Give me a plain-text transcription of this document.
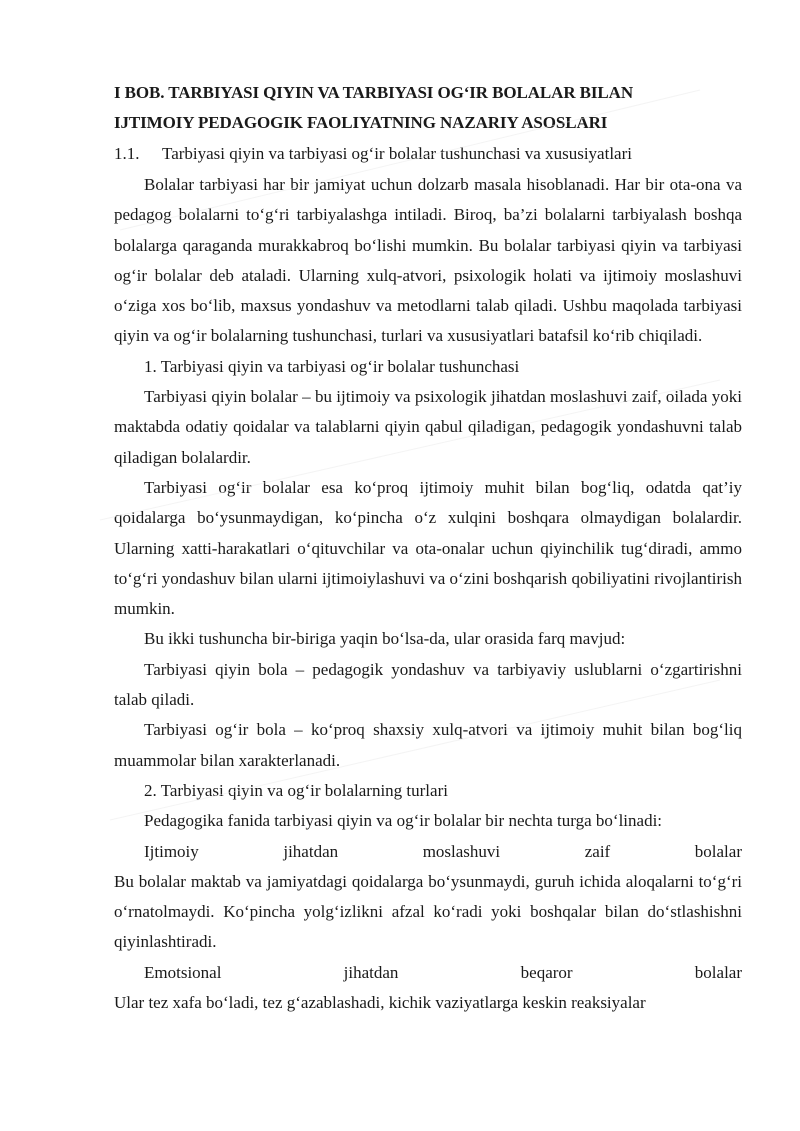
I BOB. TARBIYASI QIYIN VA TARBIYASI OG‘IR BOLALAR BILAN
IJTIMOIY PEDAGOGIK FAOLIYATNING NAZARIY ASOSLARI
1.1.	Tarbiyasi qiyin va tarbiyasi og‘ir bolalar tushunchasi va xususiyatlari

Bolalar tarbiyasi har bir jamiyat uchun dolzarb masala hisoblanadi. Har bir ota-ona va pedagog bolalarni to‘g‘ri tarbiyalashga intiladi. Biroq, ba’zi bolalarni tarbiyalash boshqa bolalarga qaraganda murakkabroq bo‘lishi mumkin. Bu bolalar tarbiyasi qiyin va tarbiyasi og‘ir bolalar deb ataladi. Ularning xulq-atvori, psixologik holati va ijtimoiy moslashuvi o‘ziga xos bo‘lib, maxsus yondashuv va metodlarni talab qiladi. Ushbu maqolada tarbiyasi qiyin va og‘ir bolalarning tushunchasi, turlari va xususiyatlari batafsil ko‘rib chiqiladi.

1. Tarbiyasi qiyin va tarbiyasi og‘ir bolalar tushunchasi

Tarbiyasi qiyin bolalar – bu ijtimoiy va psixologik jihatdan moslashuvi zaif, oilada yoki maktabda odatiy qoidalar va talablarni qiyin qabul qiladigan, pedagogik yondashuvni talab qiladigan bolalardir.

Tarbiyasi og‘ir bolalar esa ko‘proq ijtimoiy muhit bilan bog‘liq, odatda qat’iy qoidalarga bo‘ysunmaydigan, ko‘pincha o‘z xulqini boshqara olmaydigan bolalardir. Ularning xatti-harakatlari o‘qituvchilar va ota-onalar uchun qiyinchilik tug‘diradi, ammo to‘g‘ri yondashuv bilan ularni ijtimoiylashuvi va o‘zini boshqarish qobiliyatini rivojlantirish mumkin.

Bu ikki tushuncha bir-biriga yaqin bo‘lsa-da, ular orasida farq mavjud:

Tarbiyasi qiyin bola – pedagogik yondashuv va tarbiyaviy uslublarni o‘zgartirishni talab qiladi.

Tarbiyasi og‘ir bola – ko‘proq shaxsiy xulq-atvori va ijtimoiy muhit bilan bog‘liq muammolar bilan xarakterlanadi.

2. Tarbiyasi qiyin va og‘ir bolalarning turlari

Pedagogika fanida tarbiyasi qiyin va og‘ir bolalar bir nechta turga bo‘linadi:

Ijtimoiy jihatdan moslashuvi zaif bolalar

Bu bolalar maktab va jamiyatdagi qoidalarga bo‘ysunmaydi, guruh ichida aloqalarni to‘g‘ri o‘rnatolmaydi. Ko‘pincha yolg‘izlikni afzal ko‘radi yoki boshqalar bilan do‘stlashishni qiyinlashtiradi.

Emotsional jihatdan beqaror bolalar

Ular tez xafa bo‘ladi, tez g‘azablashadi, kichik vaziyatlarga keskin reaksiyalar
